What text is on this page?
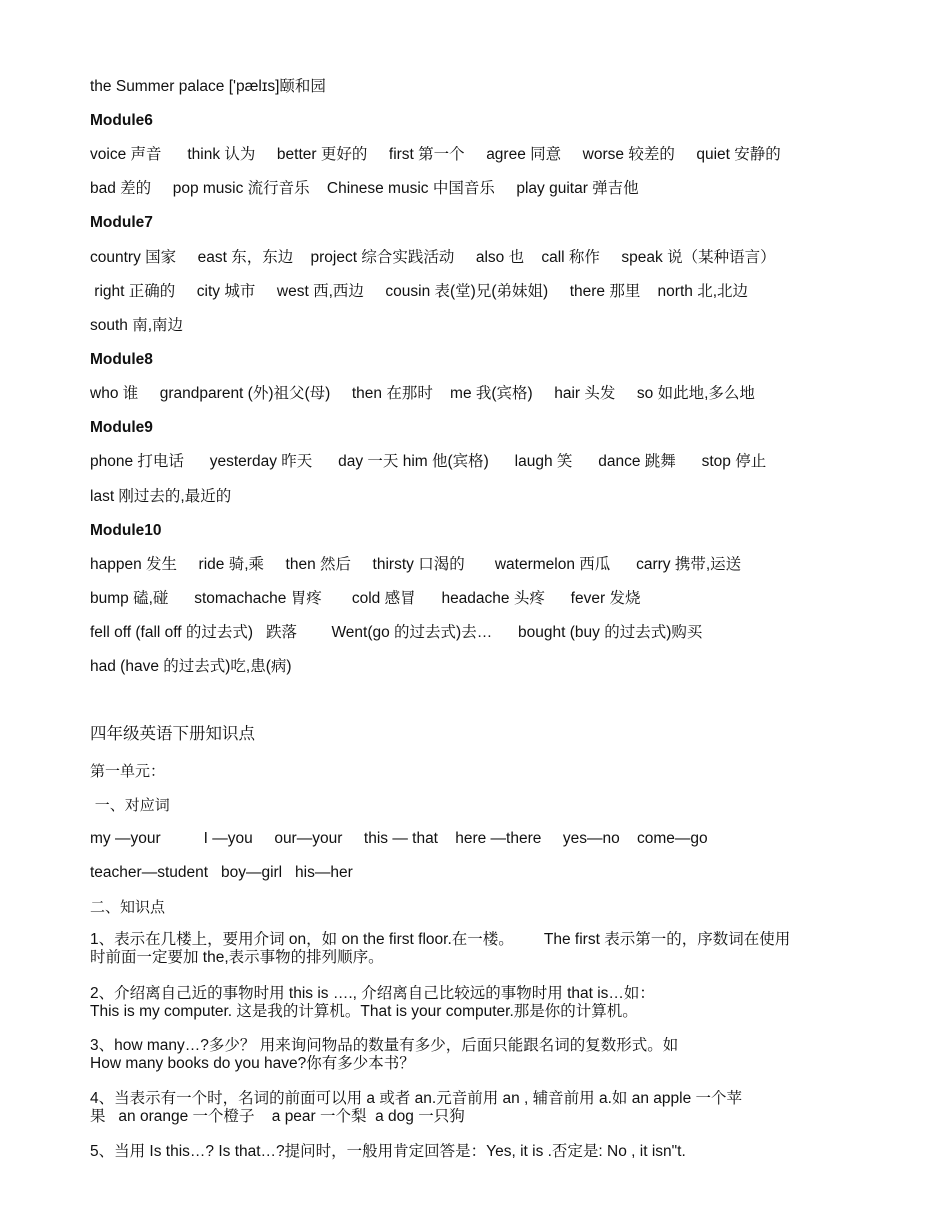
the Summer palace ['pælɪs]颐和园
Module6
voice 声音      think 认为     better 更好的     first 第一个     agree 同意     worse 较差的     quiet 安静的
bad 差的     pop music 流行音乐    Chinese music 中国音乐     play guitar 弹吉他
Module7
country 国家     east 东，东边    project 综合实践活动     also 也    call 称作     speak 说（某种语言）
right 正确的     city 城市     west 西,西边     cousin 表(堂)兄(弟妹姐)     there 那里    north 北,北边
south 南,南边
Module8
who 谁     grandparent (外)祖父(母)     then 在那时    me 我(宾格)     hair 头发     so 如此地,多么地
Module9
phone 打电话      yesterday 昨天      day 一天 him 他(宾格)      laugh 笑      dance 跳舞      stop 停止
last 刚过去的,最近的
Module10
happen 发生     ride 骑,乘     then 然后     thirsty 口渴的       watermelon 西瓜      carry 携带,运送
bump 磕,碰      stomachache 胃疼       cold 感冒      headache 头疼      fever 发烧
fell off (fall off 的过去式)   跌落        Went(go 的过去式)去…      bought (buy 的过去式)购买
had (have 的过去式)吃,患(病)
四年级英语下册知识点
第一单元：
一、对应词
my —your          I —you     our—your     this — that    here —there     yes—no    come—go
teacher—student   boy—girl   his—her
二、知识点
1、表示在几楼上，要用介词 on，如 on the first floor.在一楼。       The first 表示第一的，序数词在使用
时前面一定要加 the,表示事物的排列顺序。
2、介绍离自己近的事物时用 this is …., 介绍离自己比较远的事物时用 that is…如：
This is my computer. 这是我的计算机。That is your computer.那是你的计算机。
3、how many…?多少？ 用来询问物品的数量有多少，后面只能跟名词的复数形式。如
How many books do you have?你有多少本书？
4、当表示有一个时，名词的前面可以用 a 或者 an.元音前用 an , 辅音前用 a.如 an apple 一个苹
果   an orange 一个橙子    a pear 一个梨  a dog 一只狗
5、当用 Is this…? Is that…?提问时，一般用肯定回答是：Yes, it is .否定是: No , it isn"t.
